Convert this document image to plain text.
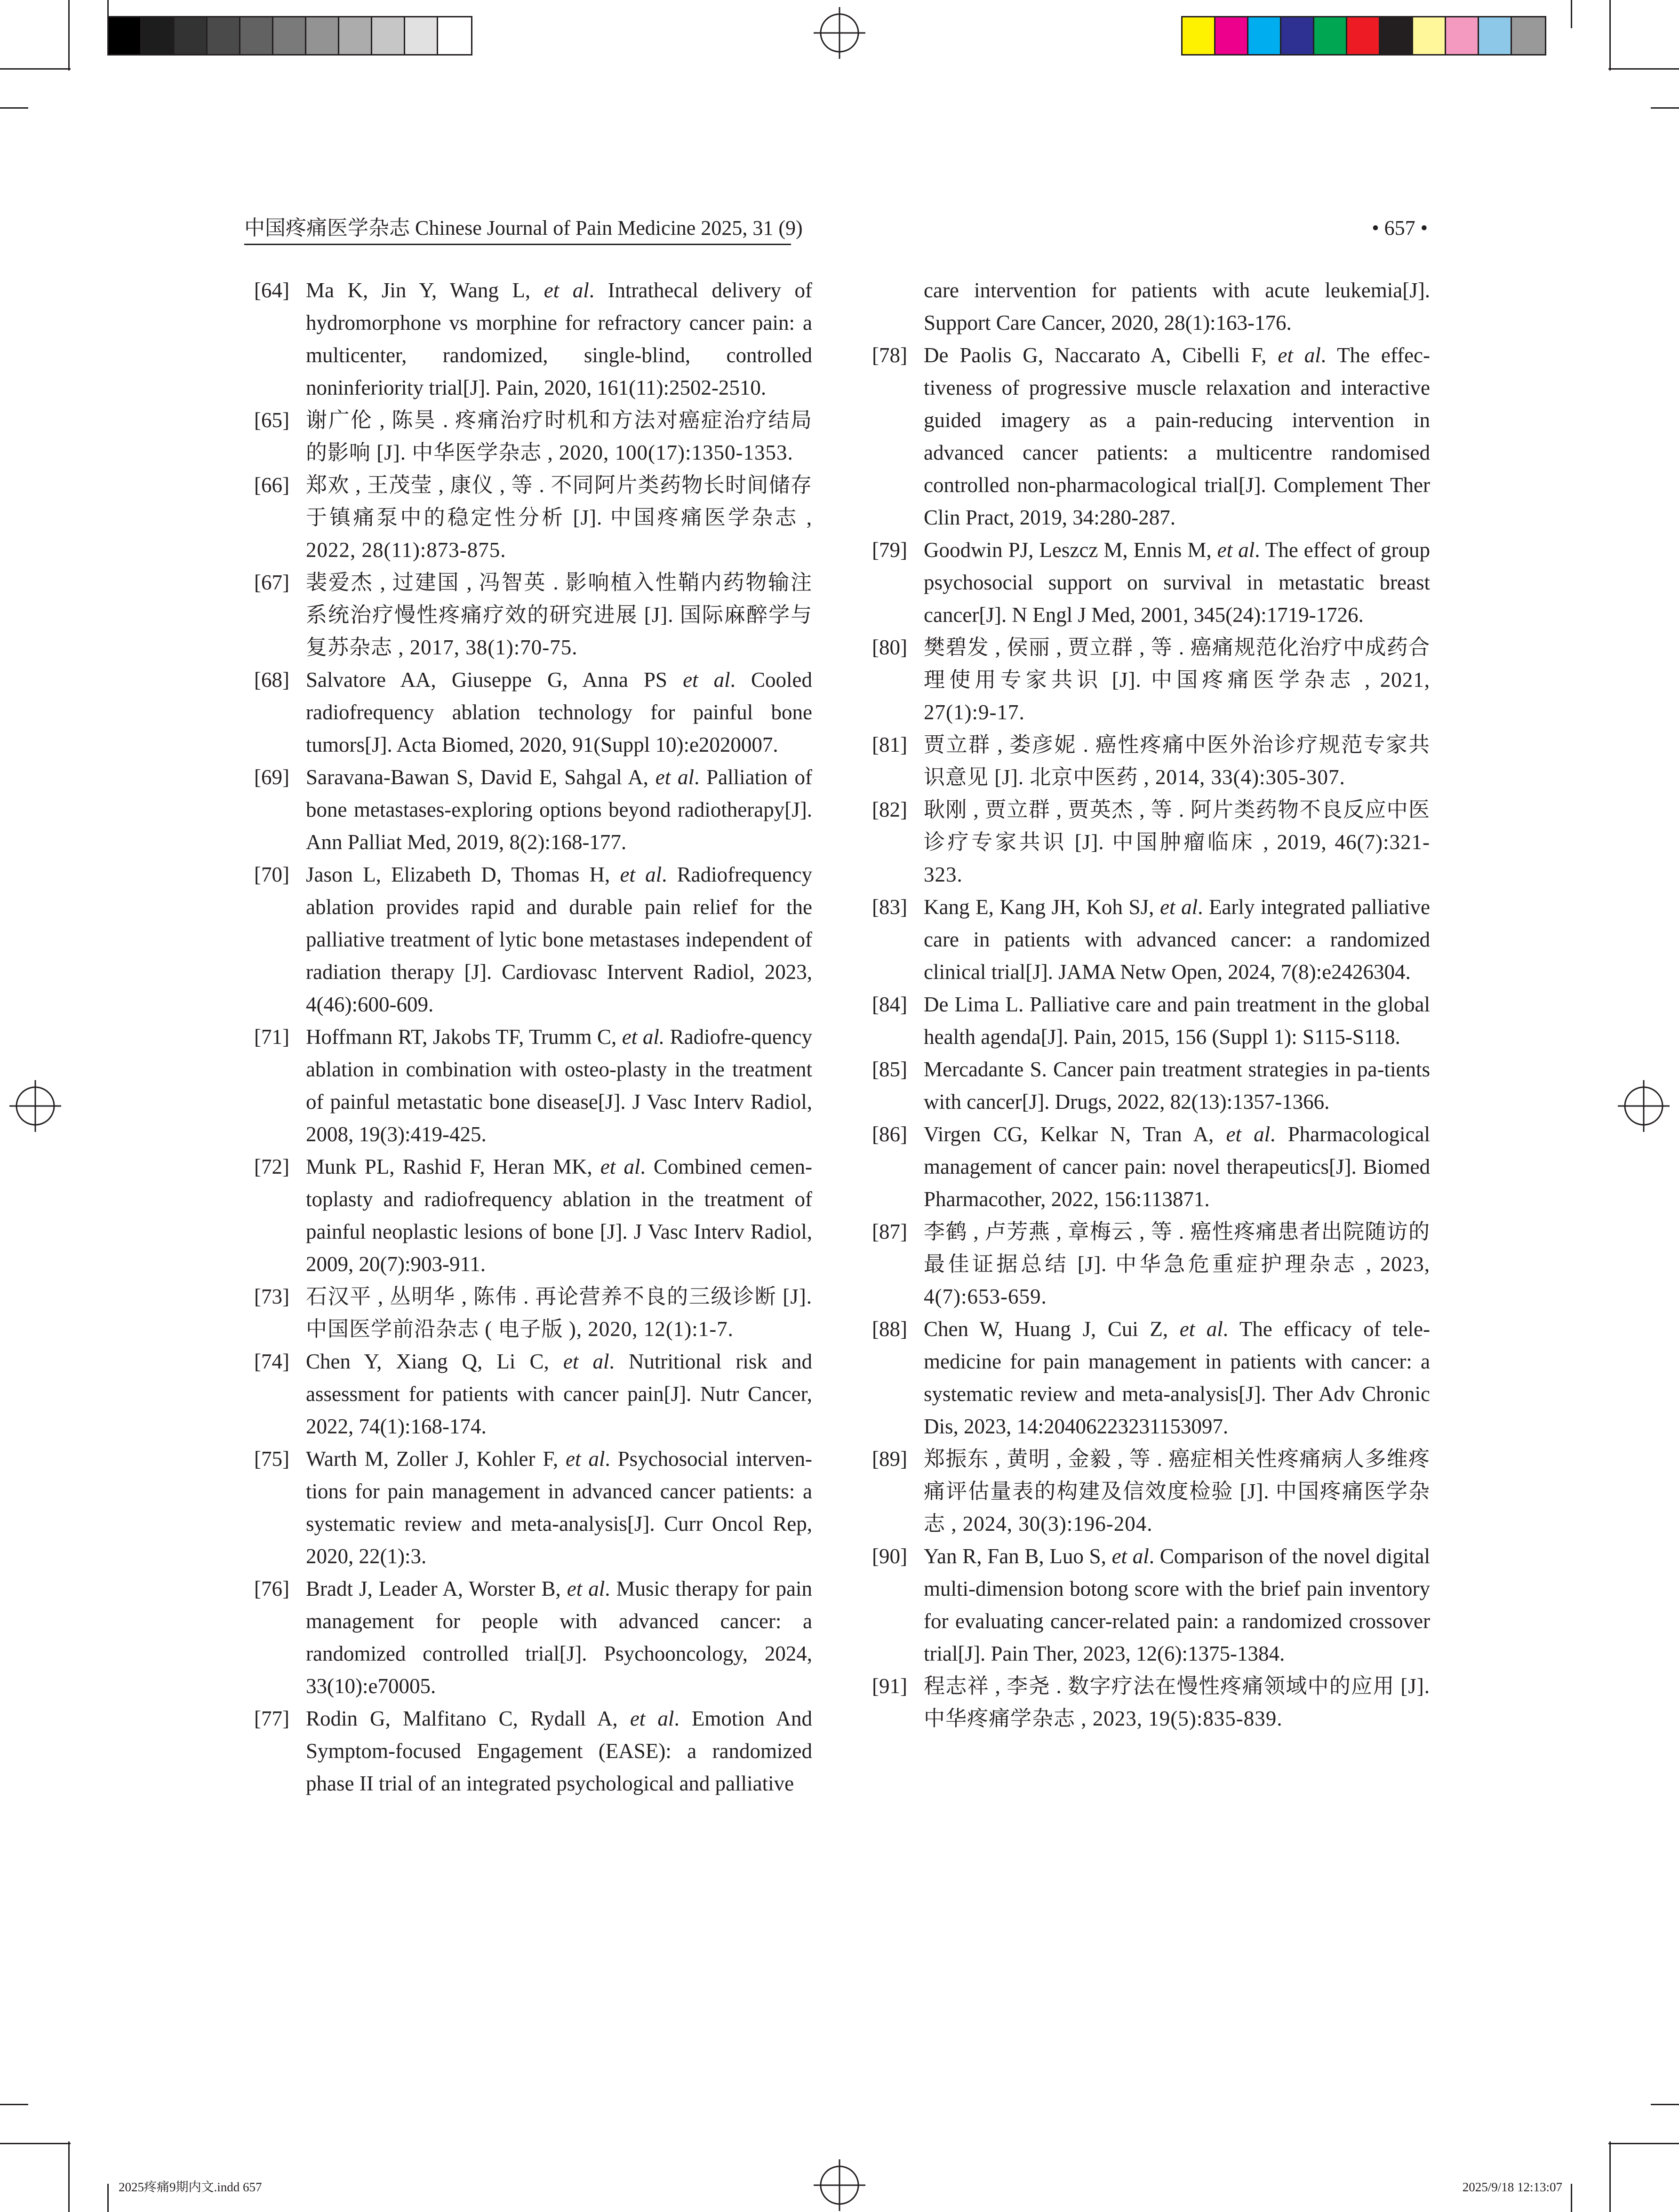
中国疼痛医学杂志 Chinese Journal of Pain Medicine 2025, 31 (9)	• 657 •
[64] Ma K, Jin Y, Wang L, et al. Intrathecal delivery of hydromorphone vs morphine for refractory cancer pain: a multicenter, randomized, single-blind, controlled noninferiority trial[J]. Pain, 2020, 161(11):2502-2510.
[65] 谢广伦 , 陈昊 . 疼痛治疗时机和方法对癌症治疗结局的影响 [J]. 中华医学杂志 , 2020, 100(17):1350-1353.
[66] 郑欢 , 王茂莹 , 康仪 , 等 . 不同阿片类药物长时间储存于镇痛泵中的稳定性分析 [J]. 中国疼痛医学杂志 , 2022, 28(11):873-875.
[67] 裴爱杰 , 过建国 , 冯智英 . 影响植入性鞘内药物输注系统治疗慢性疼痛疗效的研究进展 [J]. 国际麻醉学与复苏杂志 , 2017, 38(1):70-75.
[68] Salvatore AA, Giuseppe G, Anna PS et al. Cooled radiofrequency ablation technology for painful bone tumors[J]. Acta Biomed, 2020, 91(Suppl 10):e2020007.
[69] Saravana-Bawan S, David E, Sahgal A, et al. Palliation of bone metastases-exploring options beyond radiotherapy[J]. Ann Palliat Med, 2019, 8(2):168-177.
[70] Jason L, Elizabeth D, Thomas H, et al. Radiofrequency ablation provides rapid and durable pain relief for the palliative treatment of lytic bone metastases independent of radiation therapy [J]. Cardiovasc Intervent Radiol, 2023, 4(46):600-609.
[71] Hoffmann RT, Jakobs TF, Trumm C, et al. Radiofre-quency ablation in combination with osteo-plasty in the treatment of painful metastatic bone disease[J]. J Vasc Interv Radiol, 2008, 19(3):419-425.
[72] Munk PL, Rashid F, Heran MK, et al. Combined cemen-toplasty and radiofrequency ablation in the treatment of painful neoplastic lesions of bone [J]. J Vasc Interv Radiol, 2009, 20(7):903-911.
[73] 石汉平 , 丛明华 , 陈伟 . 再论营养不良的三级诊断 [J]. 中国医学前沿杂志 ( 电子版 ), 2020, 12(1):1-7.
[74] Chen Y, Xiang Q, Li C, et al. Nutritional risk and assessment for patients with cancer pain[J]. Nutr Cancer, 2022, 74(1):168-174.
[75] Warth M, Zoller J, Kohler F, et al. Psychosocial interven-tions for pain management in advanced cancer patients: a systematic review and meta-analysis[J]. Curr Oncol Rep, 2020, 22(1):3.
[76] Bradt J, Leader A, Worster B, et al. Music therapy for pain management for people with advanced cancer: a randomized controlled trial[J]. Psychooncology, 2024, 33(10):e70005.
[77] Rodin G, Malfitano C, Rydall A, et al. Emotion And Symptom-focused Engagement (EASE): a randomized phase II trial of an integrated psychological and palliative
care intervention for patients with acute leukemia[J]. Support Care Cancer, 2020, 28(1):163-176.
[78] De Paolis G, Naccarato A, Cibelli F, et al. The effec-tiveness of progressive muscle relaxation and interactive guided imagery as a pain-reducing intervention in advanced cancer patients: a multicentre randomised controlled non-pharmacological trial[J]. Complement Ther Clin Pract, 2019, 34:280-287.
[79] Goodwin PJ, Leszcz M, Ennis M, et al. The effect of group psychosocial support on survival in metastatic breast cancer[J]. N Engl J Med, 2001, 345(24):1719-1726.
[80] 樊碧发 , 侯丽 , 贾立群 , 等 . 癌痛规范化治疗中成药合理使用专家共识 [J]. 中国疼痛医学杂志 , 2021, 27(1):9-17.
[81] 贾立群 , 娄彦妮 . 癌性疼痛中医外治诊疗规范专家共识意见 [J]. 北京中医药 , 2014, 33(4):305-307.
[82] 耿刚 , 贾立群 , 贾英杰 , 等 . 阿片类药物不良反应中医诊疗专家共识 [J]. 中国肿瘤临床 , 2019, 46(7):321-323.
[83] Kang E, Kang JH, Koh SJ, et al. Early integrated palliative care in patients with advanced cancer: a randomized clinical trial[J]. JAMA Netw Open, 2024, 7(8):e2426304.
[84] De Lima L. Palliative care and pain treatment in the global health agenda[J]. Pain, 2015, 156 (Suppl 1): S115-S118.
[85] Mercadante S. Cancer pain treatment strategies in pa-tients with cancer[J]. Drugs, 2022, 82(13):1357-1366.
[86] Virgen CG, Kelkar N, Tran A, et al. Pharmacological management of cancer pain: novel therapeutics[J]. Biomed Pharmacother, 2022, 156:113871.
[87] 李鹤 , 卢芳燕 , 章梅云 , 等 . 癌性疼痛患者出院随访的最佳证据总结 [J]. 中华急危重症护理杂志 , 2023, 4(7):653-659.
[88] Chen W, Huang J, Cui Z, et al. The efficacy of tele-medicine for pain management in patients with cancer: a systematic review and meta-analysis[J]. Ther Adv Chronic Dis, 2023, 14:20406223231153097.
[89] 郑振东 , 黄明 , 金毅 , 等 . 癌症相关性疼痛病人多维疼痛评估量表的构建及信效度检验 [J]. 中国疼痛医学杂志 , 2024, 30(3):196-204.
[90] Yan R, Fan B, Luo S, et al. Comparison of the novel digital multi-dimension botong score with the brief pain inventory for evaluating cancer-related pain: a randomized crossover trial[J]. Pain Ther, 2023, 12(6):1375-1384.
[91] 程志祥 , 李尧 . 数字疗法在慢性疼痛领域中的应用 [J]. 中华疼痛学杂志 , 2023, 19(5):835-839.
2025疼痛9期内文.indd 657	2025/9/18 12:13:07
